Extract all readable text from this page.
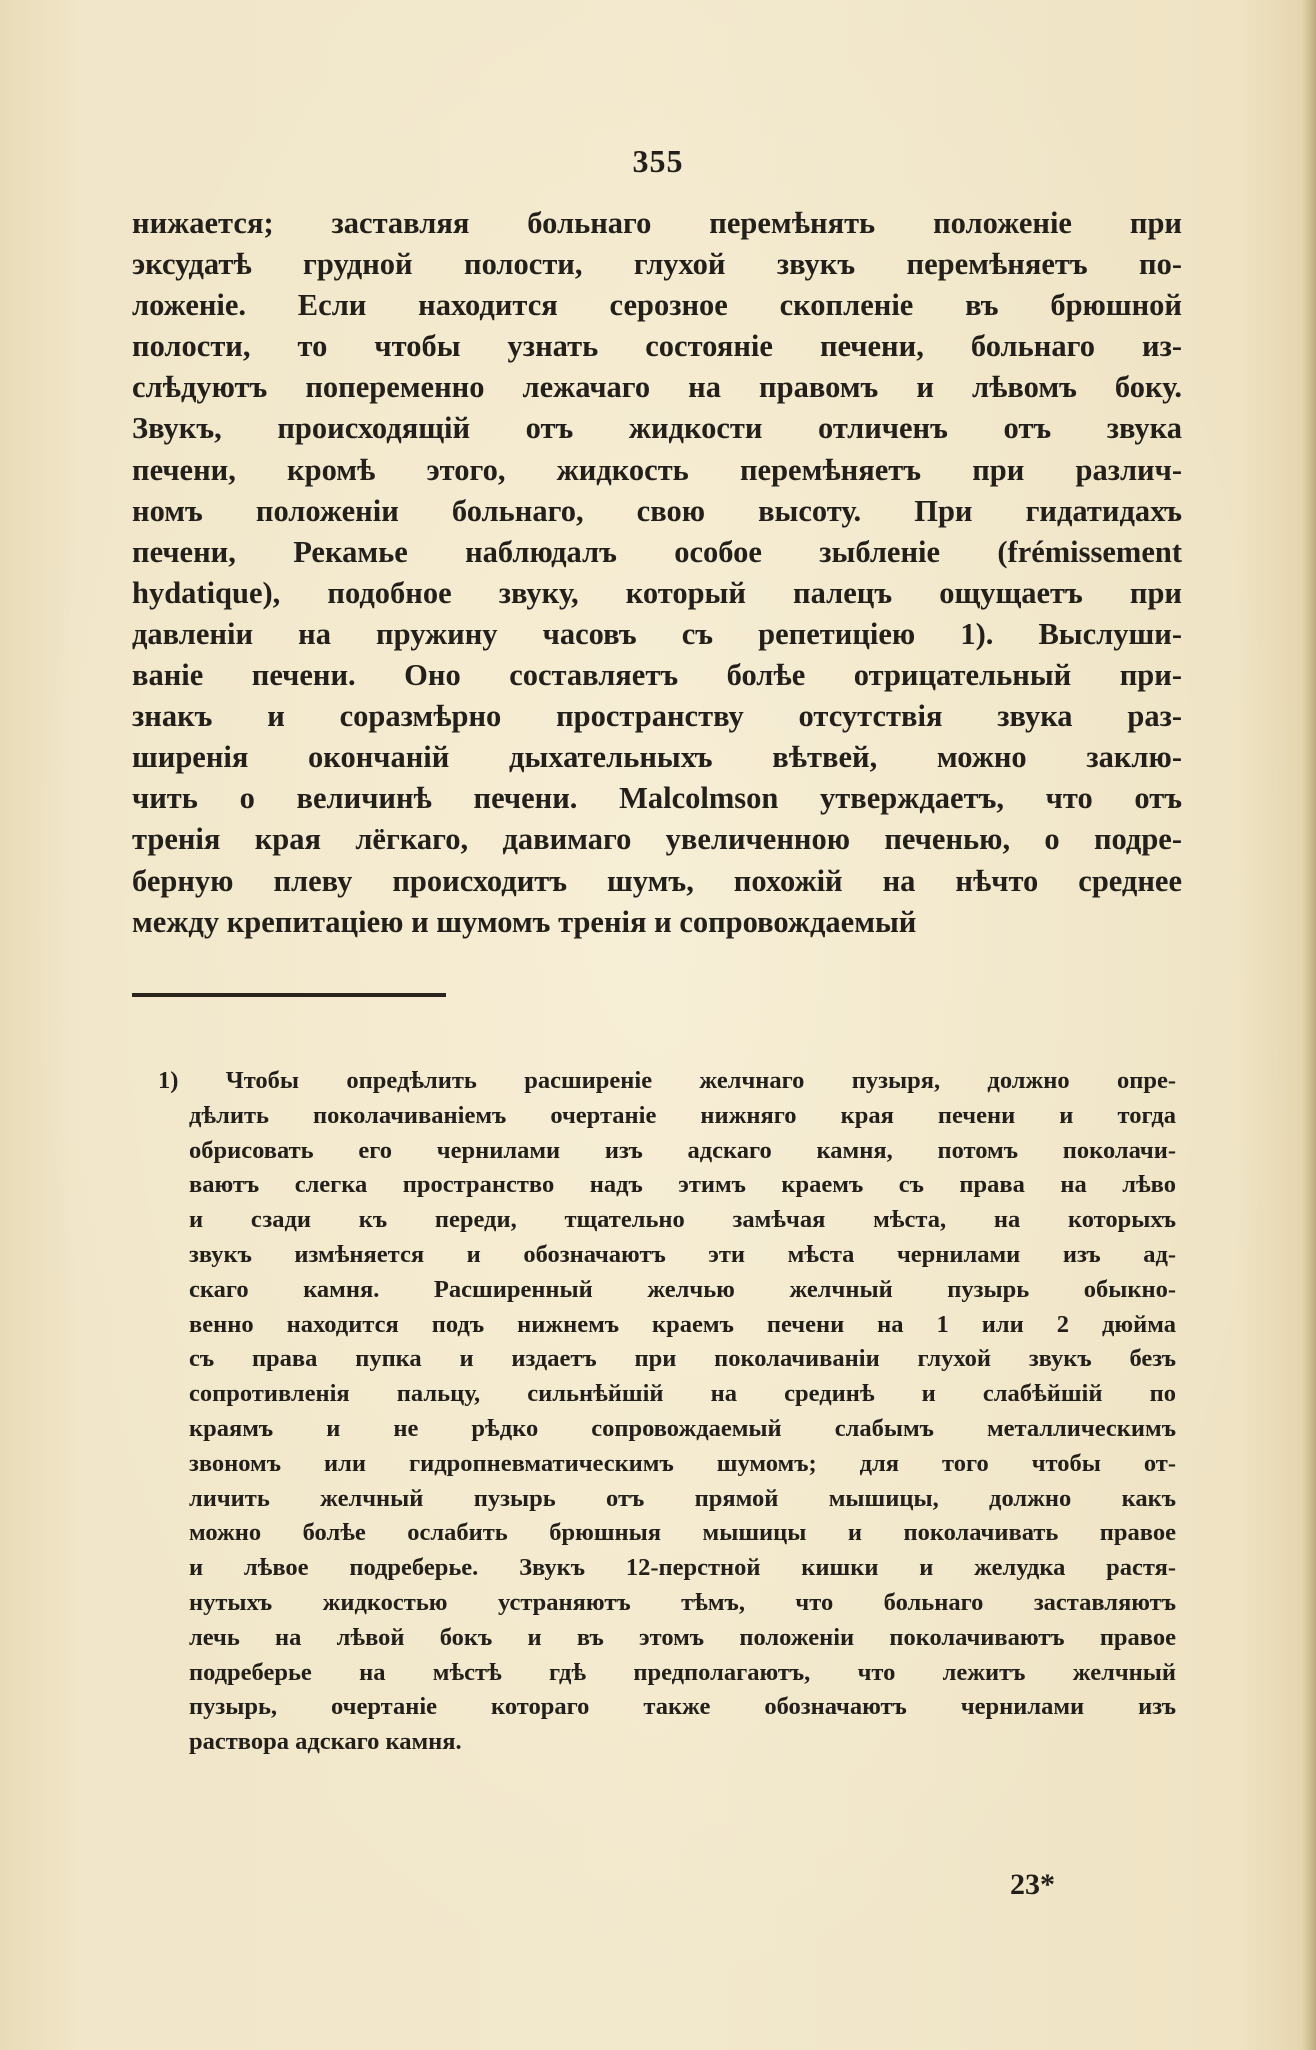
355
нижается; заставляя больнаго перемѣнять положенiе при
эксудатѣ грудной полости, глухой звукъ перемѣняетъ по-
ложенiе. Если находится серозное скопленiе въ брюшной
полости, то чтобы узнать состоянiе печени, больнаго из-
слѣдуютъ попеременно лежачаго на правомъ и лѣвомъ боку.
Звукъ, происходящiй отъ жидкости отличенъ отъ звука
печени, кромѣ этого, жидкость перемѣняетъ при различ-
номъ положенiи больнаго, свою высоту. При гидатидахъ
печени, Рекамье наблюдалъ особое зыбленiе (frémissement
hydatique), подобное звуку, который палецъ ощущаетъ при
давленiи на пружину часовъ съ репетицiею 1). Выслуши-
ванiе печени. Оно составляетъ болѣе отрицательный при-
знакъ и соразмѣрно пространству отсутствiя звука раз-
ширенiя окончанiй дыхательныхъ вѣтвей, можно заклю-
чить о величинѣ печени. Malcolmson утверждаетъ, что отъ
тренiя края лёгкаго, давимаго увеличенною печенью, о подре-
берную плеву происходитъ шумъ, похожiй на нѣчто среднее
между крепитацiею и шумомъ тренiя и сопровождаемый
1) Чтобы опредѣлить расширенiе желчнаго пузыря, должно опре-
дѣлить поколачиванiемъ очертанiе нижняго края печени и тогда
обрисовать его чернилами изъ адскаго камня, потомъ поколачи-
ваютъ слегка пространство надъ этимъ краемъ съ права на лѣво
и сзади къ переди, тщательно замѣчая мѣста, на которыхъ
звукъ измѣняется и обозначаютъ эти мѣста чернилами изъ ад-
скаго камня. Расширенный желчью желчный пузырь обыкно-
венно находится подъ нижнемъ краемъ печени на 1 или 2 дюйма
съ права пупка и издаетъ при поколачиванiи глухой звукъ безъ
сопротивленiя пальцу, сильнѣйшiй на срединѣ и слабѣйшiй по
краямъ и не рѣдко сопровождаемый слабымъ металлическимъ
звономъ или гидропневматическимъ шумомъ; для того чтобы от-
личить желчный пузырь отъ прямой мышицы, должно какъ
можно болѣе ослабить брюшныя мышицы и поколачивать правое
и лѣвое подреберье. Звукъ 12-перстной кишки и желудка растя-
нутыхъ жидкостью устраняютъ тѣмъ, что больнаго заставляютъ
лечь на лѣвой бокъ и въ этомъ положенiи поколачиваютъ правое
подреберье на мѣстѣ гдѣ предполагаютъ, что лежитъ желчный
пузырь, очертанiе котораго также обозначаютъ чернилами изъ
раствора адскаго камня.
23*
